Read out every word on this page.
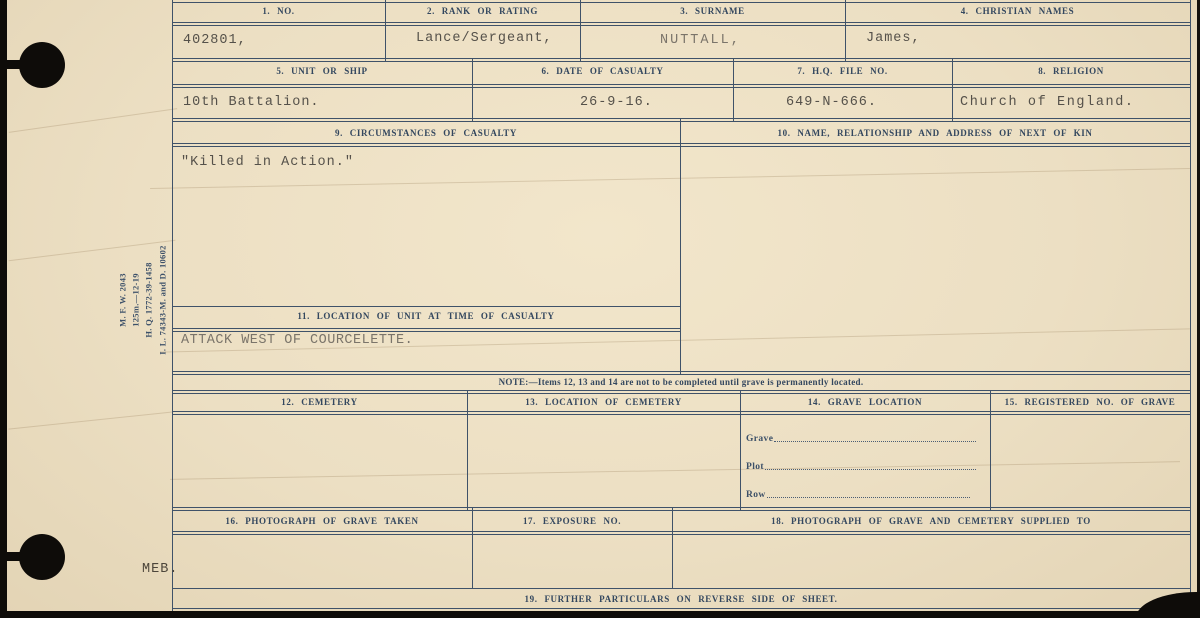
1. NO.	2. RANK OR RATING	3. SURNAME	4. CHRISTIAN NAMES
402801,	Lance/Sergeant,	NUTTALL,	James,
5. UNIT OR SHIP	6. DATE OF CASUALTY	7. H.Q. FILE NO.	8. RELIGION
10th Battalion.	26-9-16.	649-N-666.	Church of England.
9. CIRCUMSTANCES OF CASUALTY	10. NAME, RELATIONSHIP AND ADDRESS OF NEXT OF KIN
"Killed in Action."
11. LOCATION OF UNIT AT TIME OF CASUALTY
ATTACK WEST OF COURCELETTE.
NOTE:—Items 12, 13 and 14 are not to be completed until grave is permanently located.
12. CEMETERY	13. LOCATION OF CEMETERY	14. GRAVE LOCATION	15. REGISTERED NO. OF GRAVE
Grave
Plot
Row
16. PHOTOGRAPH OF GRAVE TAKEN	17. EXPOSURE NO.	18. PHOTOGRAPH OF GRAVE AND CEMETERY SUPPLIED TO
19. FURTHER PARTICULARS ON REVERSE SIDE OF SHEET.
M. F. W. 2043 125m.—12-19 H. Q. 1772-39-1458 I. L. 74343-M. and D. 10602
MEB.
